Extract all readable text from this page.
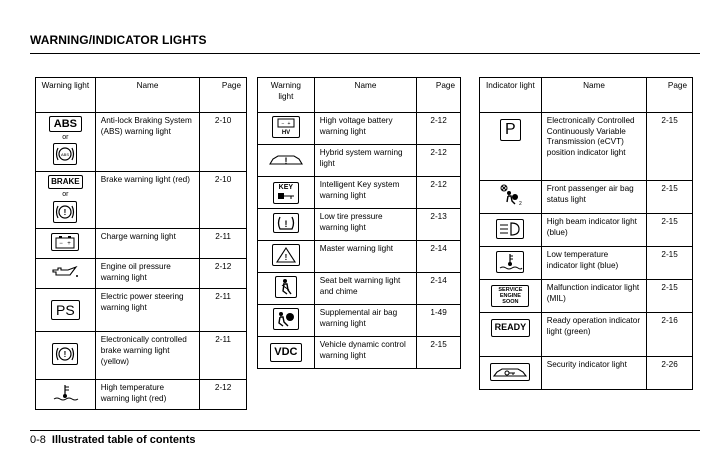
WARNING/INDICATOR LIGHTS
Warning light	Name	Page
ABS
or
ABS	Anti-lock Braking System (ABS) warning light	2-10
BRAKE
or
!	Brake warning light (red)	2-10

− +	Charge warning light	2-11
	Engine oil pressure warning light	2-12
PS	Electric power steering warning light	2-11

!	Electronically controlled brake warning light (yellow)	2-11
	High temperature warning light (red)	2-12
Warning light	Name	Page

− +
HV	High voltage battery warning light	2-12

!	Hybrid system warning light	2-12

KEY	Intelligent Key system warning light	2-12

!	Low tire pressure warning light	2-13

!	Master warning light	2-14
	Seat belt warning light and chime	2-14
	Supplemental air bag warning light	1-49
VDC	Vehicle dynamic control warning light	2-15
Indicator light	Name	Page
P	Electronically Controlled Continuously Variable Transmission (eCVT) position indicator light	2-15

2	Front passenger air bag status light	2-15
	High beam indicator light (blue)	2-15
	Low temperature indicator light (blue)	2-15
SERVICE ENGINE SOON	Malfunction indicator light (MIL)	2-15
READY	Ready operation indicator light (green)	2-16
	Security indicator light	2-26
0-8 Illustrated table of contents
